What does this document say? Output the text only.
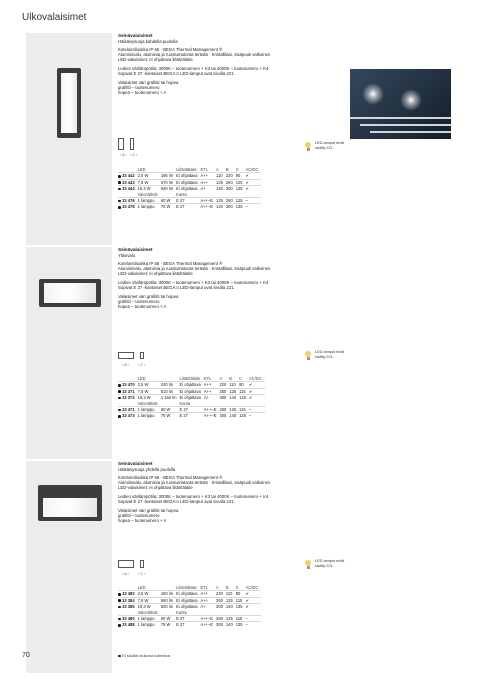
Ulkovalaisimet
Seinävalaisimet
Häikäisysuoja kahdella puolella

Kotelointiluokka IP 65 · BEGA Thermal Management ®

Alumiinivalu, alumiinia ja ruostumatonta terästä · Kristallilasi, sisäpuoli valkoinen

LED-valaisimet: ei ohjattava liitäntälaite

Ledien värilämpötila: 3000K – tuotenumero + K3 tai 4000K – tuotenumero + K4

Sopivat E 27 -kantaiset BEGA:n LED-lamput ovat sivulla 221.

Valaisimet väri grafiitti tai hopea

grafiitti – tuotenumero

hopea – tuotenumero + A

Seinävalaisimet
Yläsivalo

Kotelointiluokka IP 65 · BEGA Thermal Management ®

Alumiinivalu, alumiinia ja ruostumatonta terästä · Kristallilasi, sisäpuoli valkoinen

LED-valaisimet: ei ohjattava liitäntälaite

Ledien värilämpötila: 3000K – tuotenumero + K3 tai 4000K – tuotenumero + K4

Sopivat E 27 -kantaiset BEGA:n LED-lamput ovat sivulla 221.

Valaisimet väri grafiitti tai hopea

grafiitti – tuotenumero

hopea – tuotenumero + A

Seinävalaisimet
Häikäisysuoja yhdellä puolella

Kotelointiluokka IP 65 · BEGA Thermal Management ®

Alumiinivalu, alumiinia ja ruostumatonta terästä · Kristallilasi, sisäpuoli valkoinen

LED-valaisimet: ei ohjattava liitäntälaite

Ledien värilämpötila: 3000K – tuotenumero + K3 tai 4000K – tuotenumero + K4

Sopivat E 27 -kantaiset BEGA:n LED-lamput ovat sivulla 221.

Valaisimet väri grafiitti tai hopea

grafiitti – tuotenumero

hopea – tuotenumero + A

‹ A › ‹ C ›
‹ A › ‹ C ›
‹ A › ‹ C ›
LED-lamput eivät sisälly 221.
LED-lamput eivät sisälly 221.
LED-lamput eivät sisälly 221.
	LED		Liitäntälaite	ETL	A	B	C	AC/DC
33 442	2,5 W	195 lm	Ei ohjattava	A++	110	220	90	✔
33 443	7,8 W	670 lm	Ei ohjattava	A++	125	260	125	✔
33 444	19,3 W	940 lm	Ei ohjattava	A+	140	300	135	✔
	Valonlähde		Kanta					
33 476	1 lamppu	60 W	E 27	A++–E	125	260	125	–
33 478	1 lamppu	75 W	E 27	A++–E	140	300	135	–
	LED		Liitäntälaite	ETL	A	B	C	AC/DC
33 470	2,5 W	240 lm	Ei ohjattava	A++	220	110	80	✔
33 371	7,8 W	810 lm	Ei ohjattava	A++	260	125	115	✔
33 373	19,3 W	1 160 lm	Ei ohjattava	A+	300	140	125	✔
	Valonlähde		Kanta					
33 471	1 lamppu	60 W	E 27	A++–E	260	125	115	–
33 473	1 lamppu	75 W	E 27	A++–E	300	140	125	–
	LED		Liitäntälaite	ETL	A	B	C	AC/DC
33 482	2,5 W	160 lm	Ei ohjattava	A++	220	110	80	✔
33 384	7,8 W	560 lm	Ei ohjattava	A++	260	125	115	✔
33 385	19,3 W	820 lm	Ei ohjattava	A+	300	140	135	✔
	Valonlähde		Kanta					
33 480	1 lamppu	60 W	E 27	A++–E	260	125	115	–
33 488	1 lamppu	75 W	E 27	A++–E	300	140	135	–
70	Ei sisällä mukana kaiteissa
